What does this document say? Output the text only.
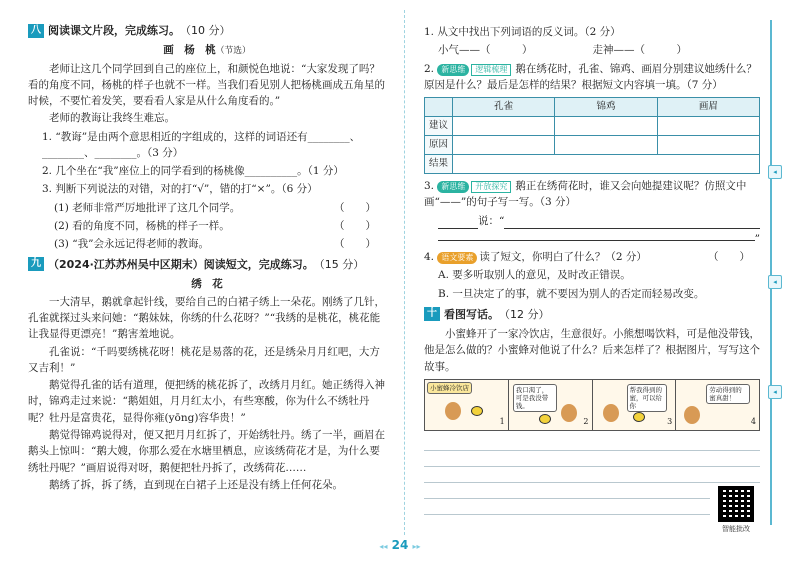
◂
◂
◂
八 阅读课文片段，完成练习。 （10 分）
画　杨　桃（节选）

老师让这几个同学回到自己的座位上，和颜悦色地说：“大家发现了吗？看的角度不同，杨桃的样子也就不一样。当我们看见别人把杨桃画成五角星的时候，不要忙着发笑，要看看人家是从什么角度看的。”

老师的教诲让我终生难忘。

1. “教诲”是由两个意思相近的字组成的，这样的词语还有________、________、________。（3 分）
2. 几个坐在“我”座位上的同学看到的杨桃像__________。（1 分）
3. 判断下列说法的对错，对的打“√”，错的打“×”。（6 分）
(1) 老师非常严厉地批评了这几个同学。	（　　）
(2) 看的角度不同，杨桃的样子一样。	（　　）
(3) “我”会永远记得老师的教诲。	（　　）
九 （2024·江苏苏州吴中区期末）阅读短文，完成练习。 （15 分）
绣　花

一大清早，鹅就拿起针线，要给自己的白裙子绣上一朵花。刚绣了几针，孔雀就探过头来问她：“鹅妹妹，你绣的什么花呀？”“我绣的是桃花，桃花能让我显得更漂亮！”鹅害羞地说。

孔雀说：“千吗要绣桃花呀！桃花是易落的花，还是绣朵月月红吧，大方又吉利！”

鹅觉得孔雀的话有道理，便把绣的桃花拆了，改绣月月红。她正绣得入神时，锦鸡走过来说：“鹅姐姐，月月红太小，有些寒酸，你为什么不绣牡丹呢？牡丹是富贵花，显得你雍(yōng)容华贵！”

鹅觉得锦鸡说得对，便又把月月红拆了，开始绣牡丹。绣了一半，画眉在鹅头上惊叫：“鹅大嫂，你那么爱在水塘里栖息，应该绣荷花才是，为什么要绣牡丹呢？”画眉说得对呀，鹅便把牡丹拆了，改绣荷花……

鹅绣了拆，拆了绣，直到现在白裙子上还是没有绣上任何花朵。

1. 从文中找出下列词语的反义词。（2 分）
小气——（　　　）	走神——（　　　）
2. 新思维 逻辑梳理 鹅在绣花时，孔雀、锦鸡、画眉分别建议她绣什么？原因是什么？最后是怎样的结果？根据短文内容填一填。（7 分）
	孔雀	锦鸡	画眉
建议			
原因			
结果			
3. 新思维 开放探究 鹅正在绣荷花时，谁又会向她提建议呢？仿照文中画“——”的句子写一写。（3 分）
说：“
”
4. 语文要素 读了短文，你明白了什么？（2 分）	（　　）
A. 要多听取别人的意见，及时改正错误。
B. 一旦决定了的事，就不要因为别人的否定而轻易改变。
十 看图写话。 （12 分）

小蜜蜂开了一家冷饮店，生意很好。小熊想喝饮料，可是他没带钱，他是怎么做的？小蜜蜂对他说了什么？后来怎样了？根据图片，写写这个故事。

小蜜蜂冷饮店
1
我口渴了，可是我没带钱。
2
帮我得到的蜜，可以给你
3
劳动得到的蜜真甜！
4
智能批改
◂◂ 24 ▸▸
